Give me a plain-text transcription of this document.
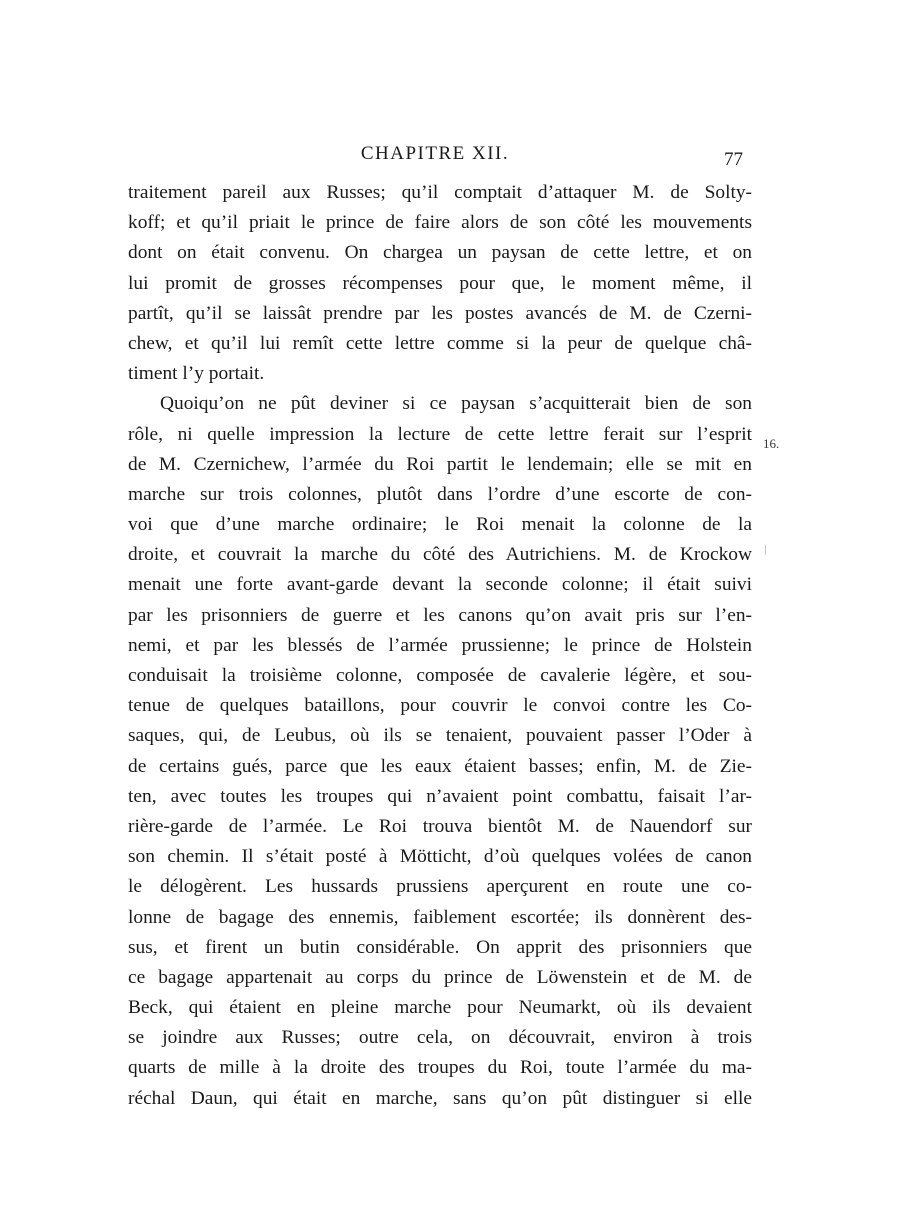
CHAPITRE XII.	77
16.
traitement pareil aux Russes; qu’il comptait d’attaquer M. de Solty-
koff; et qu’il priait le prince de faire alors de son côté les mouvements
dont on était convenu. On chargea un paysan de cette lettre, et on
lui promit de grosses récompenses pour que, le moment même, il
partît, qu’il se laissât prendre par les postes avancés de M. de Czerni-
chew, et qu’il lui remît cette lettre comme si la peur de quelque châ-
timent l’y portait.
Quoiqu’on ne pût deviner si ce paysan s’acquitterait bien de son
rôle, ni quelle impression la lecture de cette lettre ferait sur l’esprit
de M. Czernichew, l’armée du Roi partit le lendemain; elle se mit en
marche sur trois colonnes, plutôt dans l’ordre d’une escorte de con-
voi que d’une marche ordinaire; le Roi menait la colonne de la
droite, et couvrait la marche du côté des Autrichiens. M. de Krockow
menait une forte avant-garde devant la seconde colonne; il était suivi
par les prisonniers de guerre et les canons qu’on avait pris sur l’en-
nemi, et par les blessés de l’armée prussienne; le prince de Holstein
conduisait la troisième colonne, composée de cavalerie légère, et sou-
tenue de quelques bataillons, pour couvrir le convoi contre les Co-
saques, qui, de Leubus, où ils se tenaient, pouvaient passer l’Oder à
de certains gués, parce que les eaux étaient basses; enfin, M. de Zie-
ten, avec toutes les troupes qui n’avaient point combattu, faisait l’ar-
rière-garde de l’armée. Le Roi trouva bientôt M. de Nauendorf sur
son chemin. Il s’était posté à Mötticht, d’où quelques volées de canon
le délogèrent. Les hussards prussiens aperçurent en route une co-
lonne de bagage des ennemis, faiblement escortée; ils donnèrent des-
sus, et firent un butin considérable. On apprit des prisonniers que
ce bagage appartenait au corps du prince de Löwenstein et de M. de
Beck, qui étaient en pleine marche pour Neumarkt, où ils devaient
se joindre aux Russes; outre cela, on découvrait, environ à trois
quarts de mille à la droite des troupes du Roi, toute l’armée du ma-
réchal Daun, qui était en marche, sans qu’on pût distinguer si elle
